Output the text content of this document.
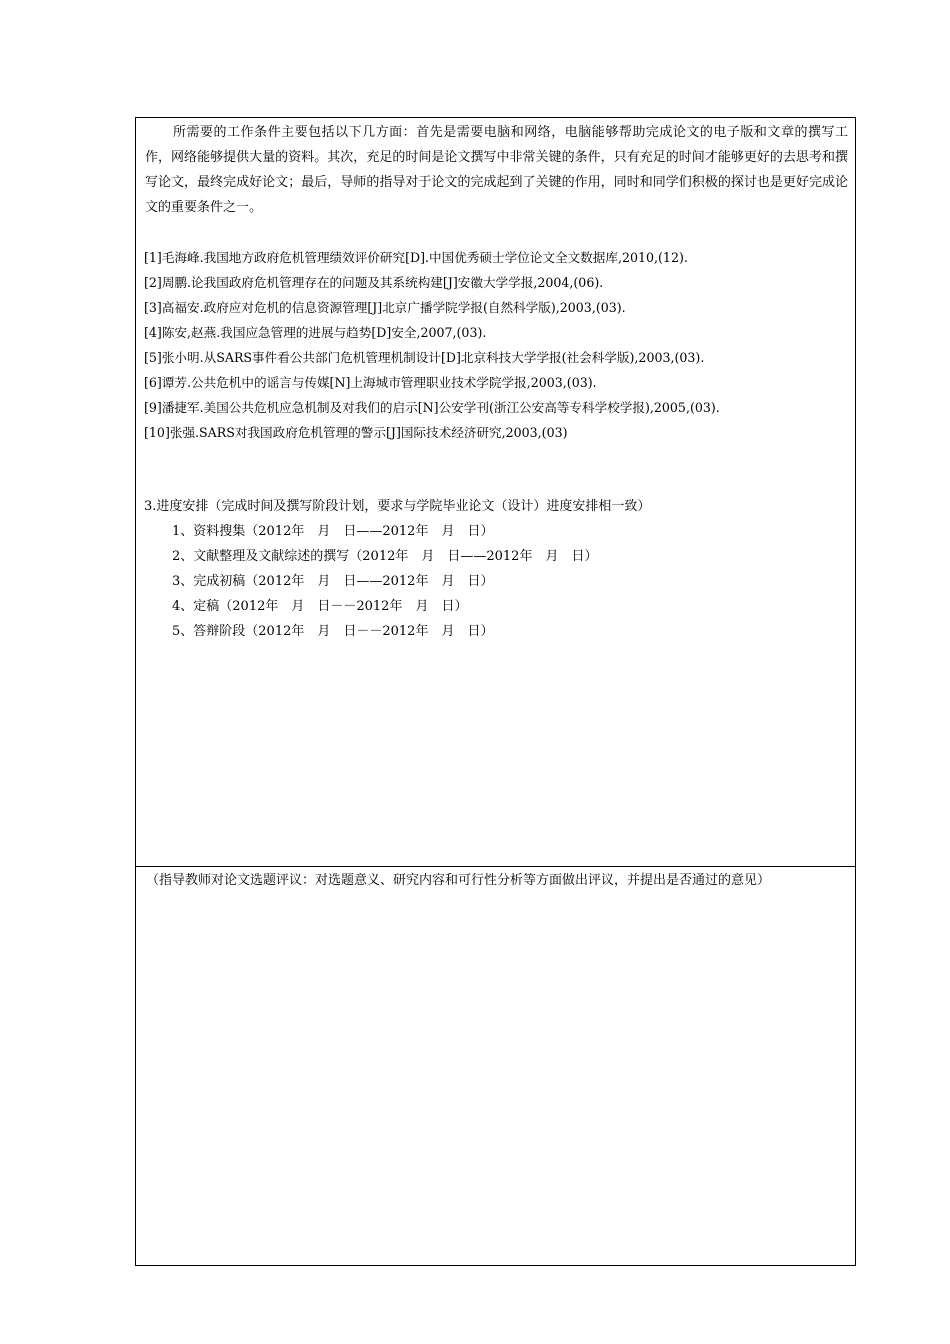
所需要的工作条件主要包括以下几方面：首先是需要电脑和网络，电脑能够帮助完成论文的电子版和文章的撰写工作，网络能够提供大量的资料。其次，充足的时间是论文撰写中非常关键的条件，只有充足的时间才能够更好的去思考和撰写论文，最终完成好论文；最后，导师的指导对于论文的完成起到了关键的作用，同时和同学们积极的探讨也是更好完成论文的重要条件之一。

[1]毛海峰.我国地方政府危机管理绩效评价研究[D].中国优秀硕士学位论文全文数据库,2010,(12).
[2]周鹏.论我国政府危机管理存在的问题及其系统构建[J]安徽大学学报,2004,(06).
[3]高福安.政府应对危机的信息资源管理[J]北京广播学院学报(自然科学版),2003,(03).
[4]陈安,赵燕.我国应急管理的进展与趋势[D]安全,2007,(03).
[5]张小明.从SARS事件看公共部门危机管理机制设计[D]北京科技大学学报(社会科学版),2003,(03).
[6]谭芳.公共危机中的谣言与传媒[N]上海城市管理职业技术学院学报,2003,(03).
[9]潘捷军.美国公共危机应急机制及对我们的启示[N]公安学刊(浙江公安高等专科学校学报),2005,(03).
[10]张强.SARS对我国政府危机管理的警示[J]国际技术经济研究,2003,(03)
3.进度安排（完成时间及撰写阶段计划，要求与学院毕业论文（设计）进度安排相一致）
1、资料搜集（2012年　月　日——2012年　月　日）
2、文献整理及文献综述的撰写（2012年　月　日——2012年　月　日）
3、完成初稿（2012年　月　日——2012年　月　日）
4、定稿（2012年　月　日－－2012年　月　日）
5、答辩阶段（2012年　月　日－－2012年　月　日）
（指导教师对论文选题评议：对选题意义、研究内容和可行性分析等方面做出评议，并提出是否通过的意见）
